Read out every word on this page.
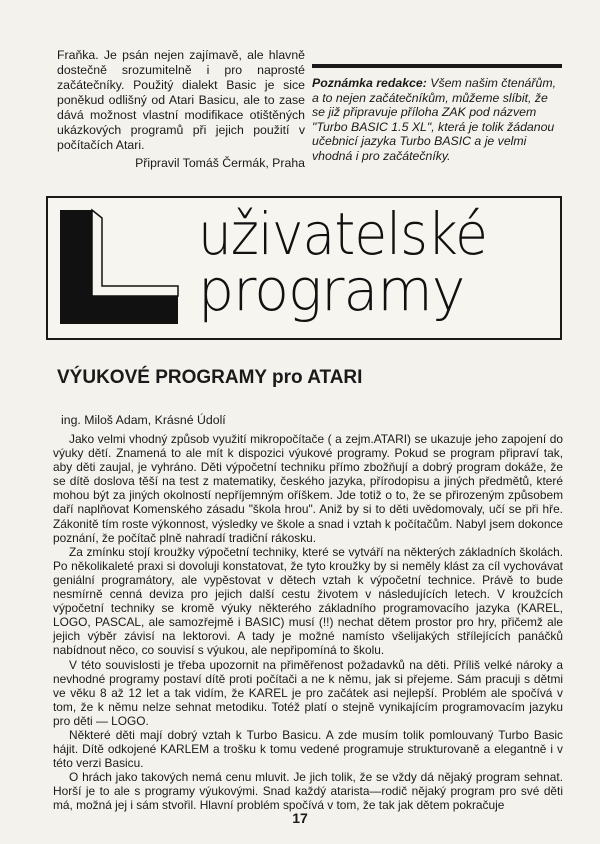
Fraňka. Je psán nejen zajímavě, ale hlavně dostečně srozumitelně i pro naprosté začátečníky. Použitý dialekt Basic je sice poněkud odlišný od Atari Basicu, ale to zase dává možnost vlastní modifikace otištěných ukázkových programů při jejich použití v počítačích Atari.

Připravil Tomáš Čermák, Praha

Poznámka redakce: Všem našim čtenářům, a to nejen začátečníkům, můžeme slíbit, že se již připravuje příloha ZAK pod názvem "Turbo BASIC 1.5 XL", která je tolik žádanou učebnicí jazyka Turbo BASIC a je velmi vhodná i pro začátečníky.
uživatelské
programy
VÝUKOVÉ PROGRAMY pro ATARI
ing. Miloš Adam, Krásné Údolí

Jako velmi vhodný způsob využití mikropočítače ( a zejm.ATARI) se ukazuje jeho zapojení do výuky dětí. Znamená to ale mít k dispozici výukové programy. Pokud se program připraví tak, aby děti zaujal, je vyhráno. Děti výpočetní techniku přímo zbožňují a dobrý program dokáže, že se dítě doslova těší na test z matematiky, českého jazyka, přírodopisu a jiných předmětů, které mohou být za jiných okolností nepříjemným oříškem. Jde totiž o to, že se přirozeným způsobem daří naplňovat Komenského zásadu "škola hrou". Aniž by si to děti uvědomovaly, učí se při hře. Zákonitě tím roste výkonnost, výsledky ve škole a snad i vztah k počítačům. Nabyl jsem dokonce poznání, že počítač plně nahradí tradiční rákosku.

Za zmínku stojí kroužky výpočetní techniky, které se vytváří na některých základních školách. Po několikaleté praxi si dovoluji konstatovat, že tyto kroužky by si neměly klást za cíl vychovávat geniální programátory, ale vypěstovat v dětech vztah k výpočetní technice. Právě to bude nesmírně cenná deviza pro jejich další cestu životem v následujících letech. V kroužcích výpočetní techniky se kromě výuky některého základního programovacího jazyka (KAREL, LOGO, PASCAL, ale samozřejmě i BASIC) musí (!!) nechat dětem prostor pro hry, přičemž ale jejich výběr závisí na lektorovi. A tady je možné namísto všelijakých střílejících panáčků nabídnout něco, co souvisí s výukou, ale nepřipomíná to školu.

V této souvislosti je třeba upozornit na přiměřenost požadavků na děti. Příliš velké nároky a nevhodné programy postaví dítě proti počítači a ne k němu, jak si přejeme. Sám pracuji s dětmi ve věku 8 až 12 let a tak vidím, že KAREL je pro začátek asi nejlepší. Problém ale spočívá v tom, že k němu nelze sehnat metodiku. Totéž platí o stejně vynikajícím programovacím jazyku pro děti — LOGO.

Některé děti mají dobrý vztah k Turbo Basicu. A zde musím tolik pomlouvaný Turbo Basic hájit. Dítě odkojené KARLEM a trošku k tomu vedené programuje strukturovaně a elegantně i v této verzi Basicu.

O hrách jako takových nemá cenu mluvit. Je jich tolik, že se vždy dá nějaký program sehnat. Horší je to ale s programy výukovými. Snad každý atarista—rodič nějaký program pro své děti má, možná jej i sám stvořil. Hlavní problém spočívá v tom, že tak jak dětem pokračuje

17
